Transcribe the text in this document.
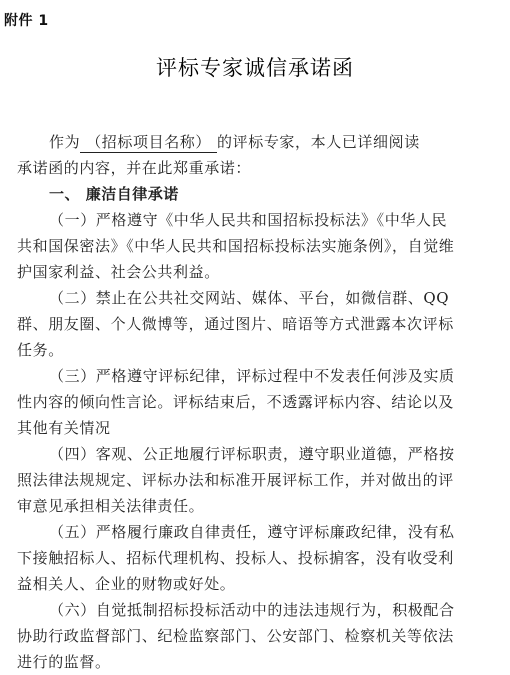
附件 1
评标专家诚信承诺函
作为 （招标项目名称） 的评标专家，本人已详细阅读
承诺函的内容，并在此郑重承诺：
一、 廉洁自律承诺
（一）严格遵守《中华人民共和国招标投标法》《中华人民
共和国保密法》《中华人民共和国招标投标法实施条例》，自觉维
护国家利益、社会公共利益。
（二）禁止在公共社交网站、媒体、平台，如微信群、QQ
群、朋友圈、个人微博等，通过图片、暗语等方式泄露本次评标
任务。
（三）严格遵守评标纪律，评标过程中不发表任何涉及实质
性内容的倾向性言论。评标结束后，不透露评标内容、结论以及
其他有关情况
（四）客观、公正地履行评标职责，遵守职业道德，严格按
照法律法规规定、评标办法和标准开展评标工作，并对做出的评
审意见承担相关法律责任。
（五）严格履行廉政自律责任，遵守评标廉政纪律，没有私
下接触招标人、招标代理机构、投标人、投标掮客，没有收受利
益相关人、企业的财物或好处。
（六）自觉抵制招标投标活动中的违法违规行为，积极配合
协助行政监督部门、纪检监察部门、公安部门、检察机关等依法
进行的监督。
